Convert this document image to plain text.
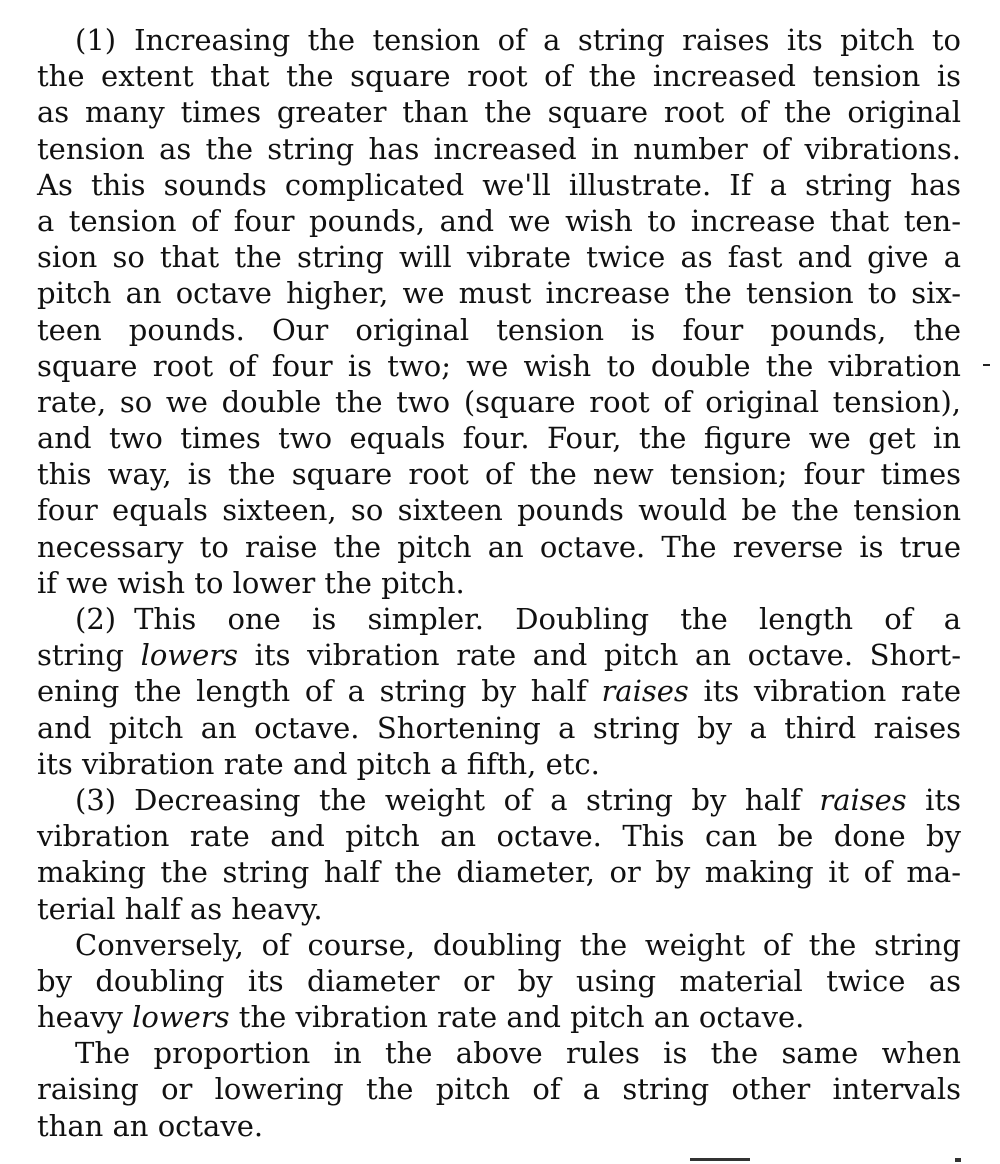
(1) Increasing the tension of a string raises its pitch to
the extent that the square root of the increased tension is
as many times greater than the square root of the original
tension as the string has increased in number of vibrations.
As this sounds complicated we'll illustrate. If a string has
a tension of four pounds, and we wish to increase that ten-
sion so that the string will vibrate twice as fast and give a
pitch an octave higher, we must increase the tension to six-
teen pounds. Our original tension is four pounds, the
square root of four is two; we wish to double the vibration
rate, so we double the two (square root of original tension),
and two times two equals four. Four, the figure we get in
this way, is the square root of the new tension; four times
four equals sixteen, so sixteen pounds would be the tension
necessary to raise the pitch an octave. The reverse is true
if we wish to lower the pitch.
(2) This one is simpler. Doubling the length of a
string lowers its vibration rate and pitch an octave. Short-
ening the length of a string by half raises its vibration rate
and pitch an octave. Shortening a string by a third raises
its vibration rate and pitch a fifth, etc.
(3) Decreasing the weight of a string by half raises its
vibration rate and pitch an octave. This can be done by
making the string half the diameter, or by making it of ma-
terial half as heavy.
Conversely, of course, doubling the weight of the string
by doubling its diameter or by using material twice as
heavy lowers the vibration rate and pitch an octave.
The proportion in the above rules is the same when
raising or lowering the pitch of a string other intervals
than an octave.
